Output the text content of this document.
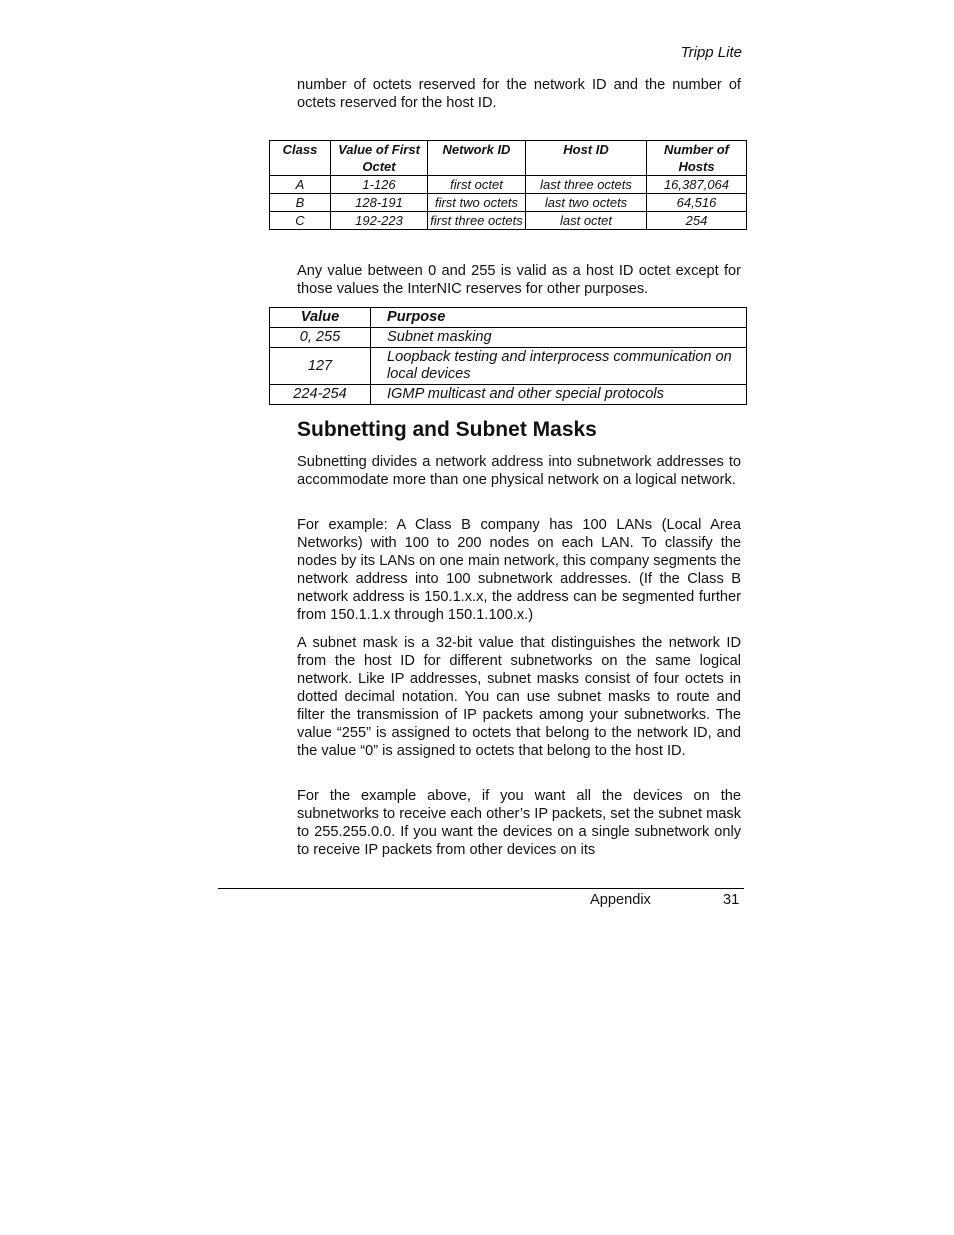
Tripp Lite

number of octets reserved for the network ID and the number of octets reserved for the host ID.

Class	Value of First Octet	Network ID	Host ID	Number of Hosts
A	1-126	first octet	last three octets	16,387,064
B	128-191	first two octets	last two octets	64,516
C	192-223	first three octets	last octet	254

Any value between 0 and 255 is valid as a host ID octet except for those values the InterNIC reserves for other purposes.

Value	Purpose
0, 255	Subnet masking
127	Loopback testing and interprocess communication on local devices
224-254	IGMP multicast and other special protocols
Subnetting and Subnet Masks

Subnetting divides a network address into subnetwork addresses to accommodate more than one physical network on a logical network.

For example: A Class B company has 100 LANs (Local Area Networks) with 100 to 200 nodes on each LAN. To classify the nodes by its LANs on one main network, this company segments the network address into 100 subnetwork addresses. (If the Class B network address is 150.1.x.x, the address can be segmented further from 150.1.1.x through 150.1.100.x.)

A subnet mask is a 32-bit value that distinguishes the network ID from the host ID for different subnetworks on the same logical network. Like IP addresses, subnet masks consist of four octets in dotted decimal notation. You can use subnet masks to route and filter the transmission of IP packets among your subnetworks. The value “255” is assigned to octets that belong to the network ID, and the value “0” is assigned to octets that belong to the host ID.

For the example above, if you want all the devices on the subnetworks to receive each other’s IP packets, set the subnet mask to 255.255.0.0. If you want the devices on a single subnetwork only to receive IP packets from other devices on its

Appendix	31
